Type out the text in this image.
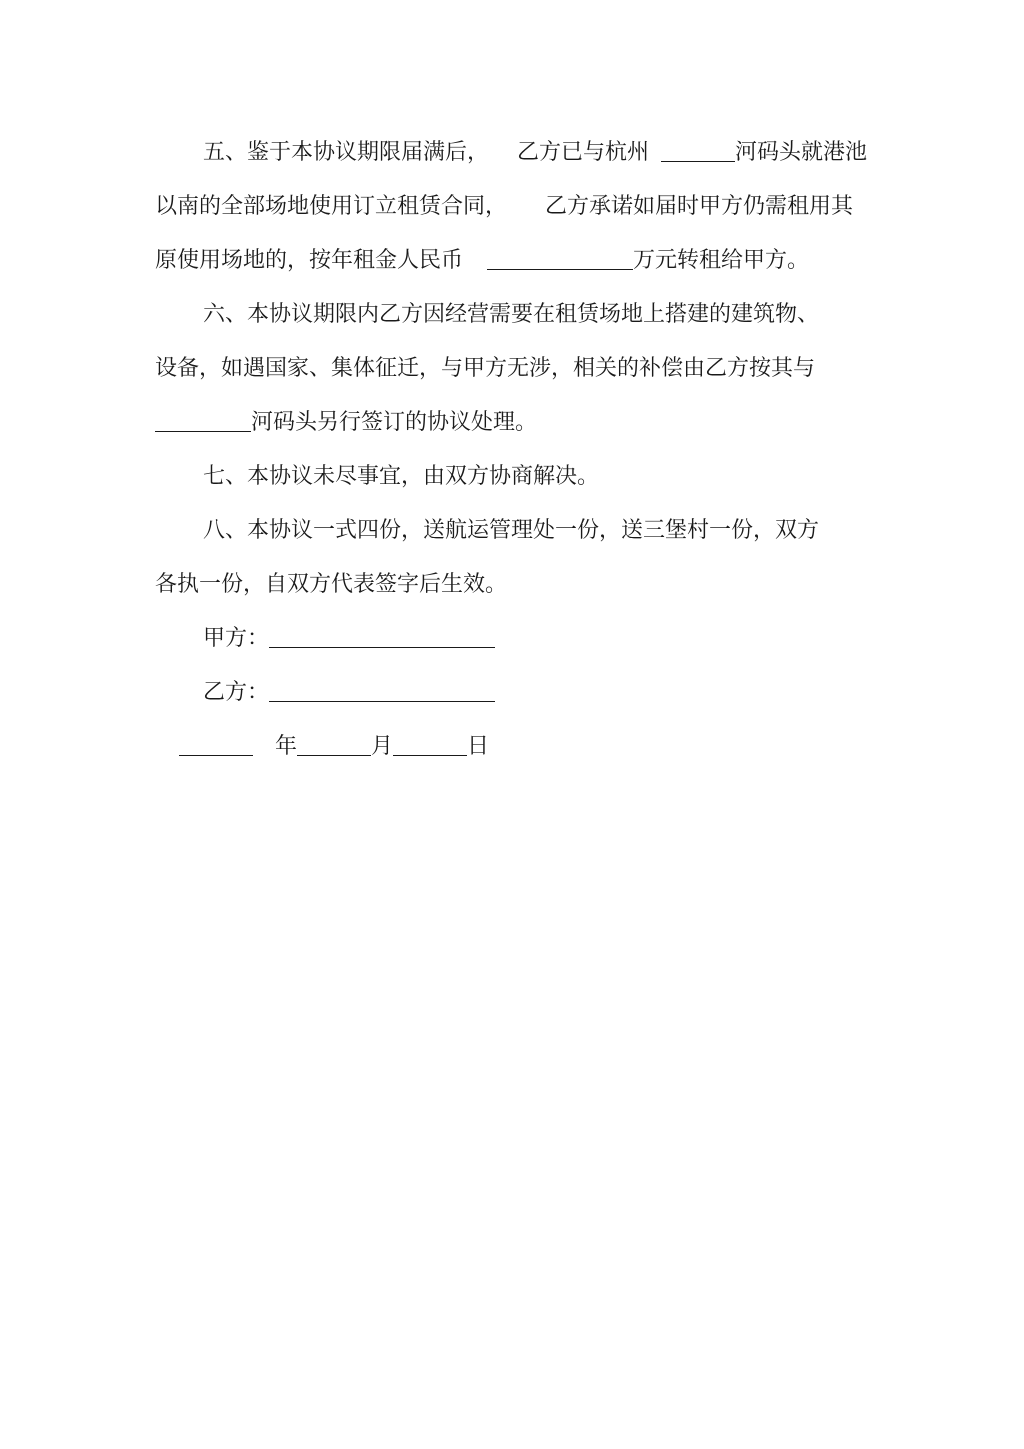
五、鉴于本协议期限届满后， 乙方已与杭州	河码头就港池
以南的全部场地使用订立租赁合同， 乙方承诺如届时甲方仍需租用其
原使用场地的，按年租金人民币	万元转租给甲方。
六、本协议期限内乙方因经营需要在租赁场地上搭建的建筑物、
设备，如遇国家、集体征迁，与甲方无涉，相关的补偿由乙方按其与
河码头另行签订的协议处理。
七、本协议未尽事宜，由双方协商解决。
八、本协议一式四份，送航运管理处一份，送三堡村一份，双方
各执一份，自双方代表签字后生效。
甲方：
乙方：
年	月	日
